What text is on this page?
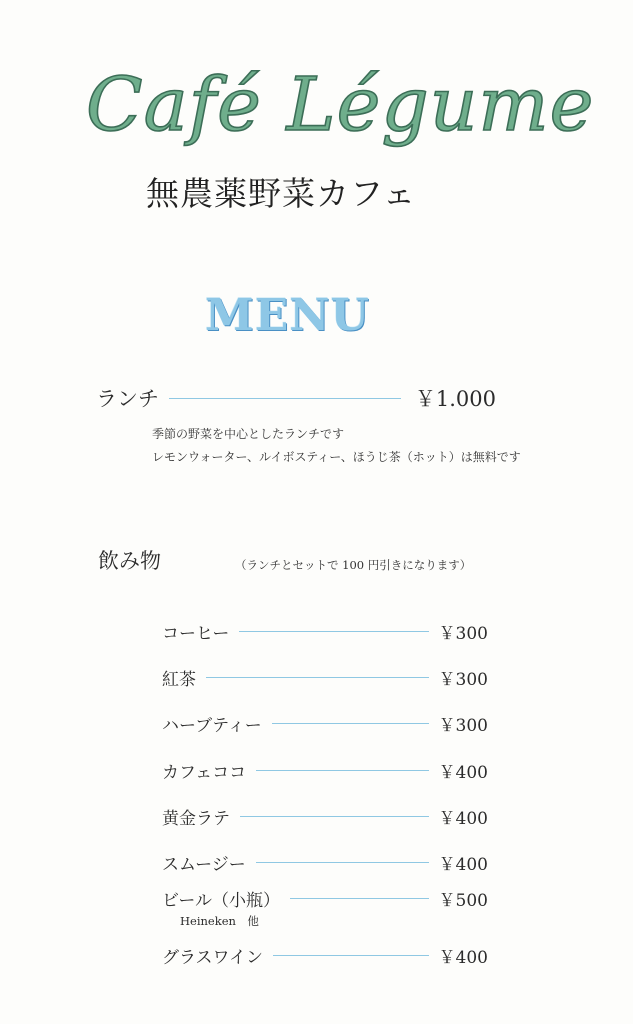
Café Légume
無農薬野菜カフェ
MENU
ランチ	￥1.000
季節の野菜を中心としたランチです
レモンウォーター、ルイボスティー、ほうじ茶（ホット）は無料です
飲み物	（ランチとセットで 100 円引きになります）
コーヒー	￥300
紅茶	￥300
ハーブティー	￥300
カフェココ	￥400
黄金ラテ	￥400
スムージー	￥400
ビール（小瓶）	￥500
Heineken　他
グラスワイン	￥400
